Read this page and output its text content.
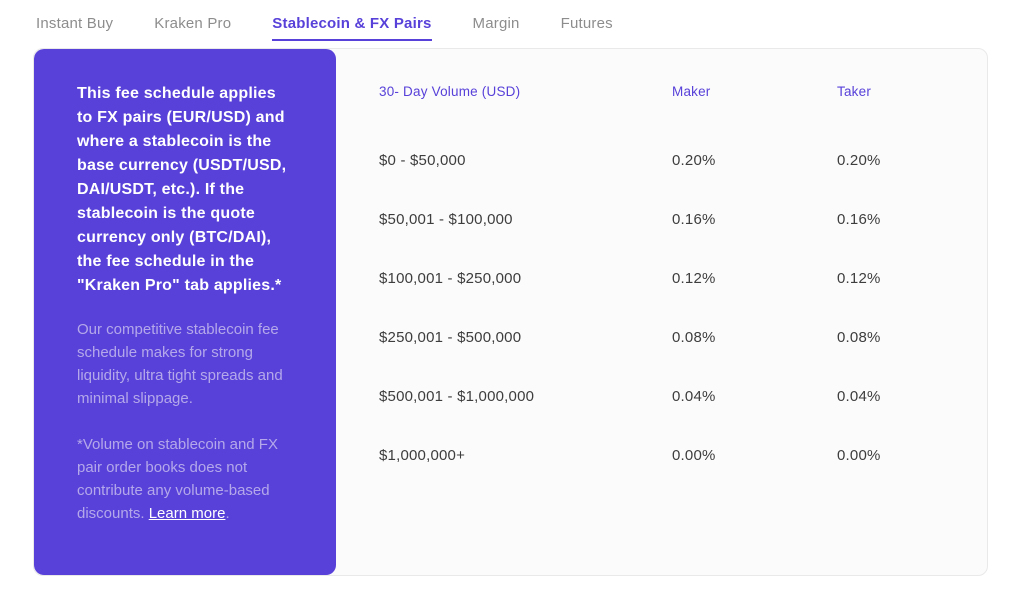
Instant Buy	Kraken Pro	Stablecoin & FX Pairs	Margin	Futures

This fee schedule applies to FX pairs (EUR/USD) and where a stablecoin is the base currency (USDT/USD, DAI/USDT, etc.). If the stablecoin is the quote currency only (BTC/DAI), the fee schedule in the "Kraken Pro" tab applies.*

Our competitive stablecoin fee schedule makes for strong liquidity, ultra tight spreads and minimal slippage.

*Volume on stablecoin and FX pair order books does not contribute any volume-based discounts. Learn more.

30- Day Volume (USD)	Maker	Taker
$0 - $50,000	0.20%	0.20%
$50,001 - $100,000	0.16%	0.16%
$100,001 - $250,000	0.12%	0.12%
$250,001 - $500,000	0.08%	0.08%
$500,001 - $1,000,000	0.04%	0.04%
$1,000,000+	0.00%	0.00%
